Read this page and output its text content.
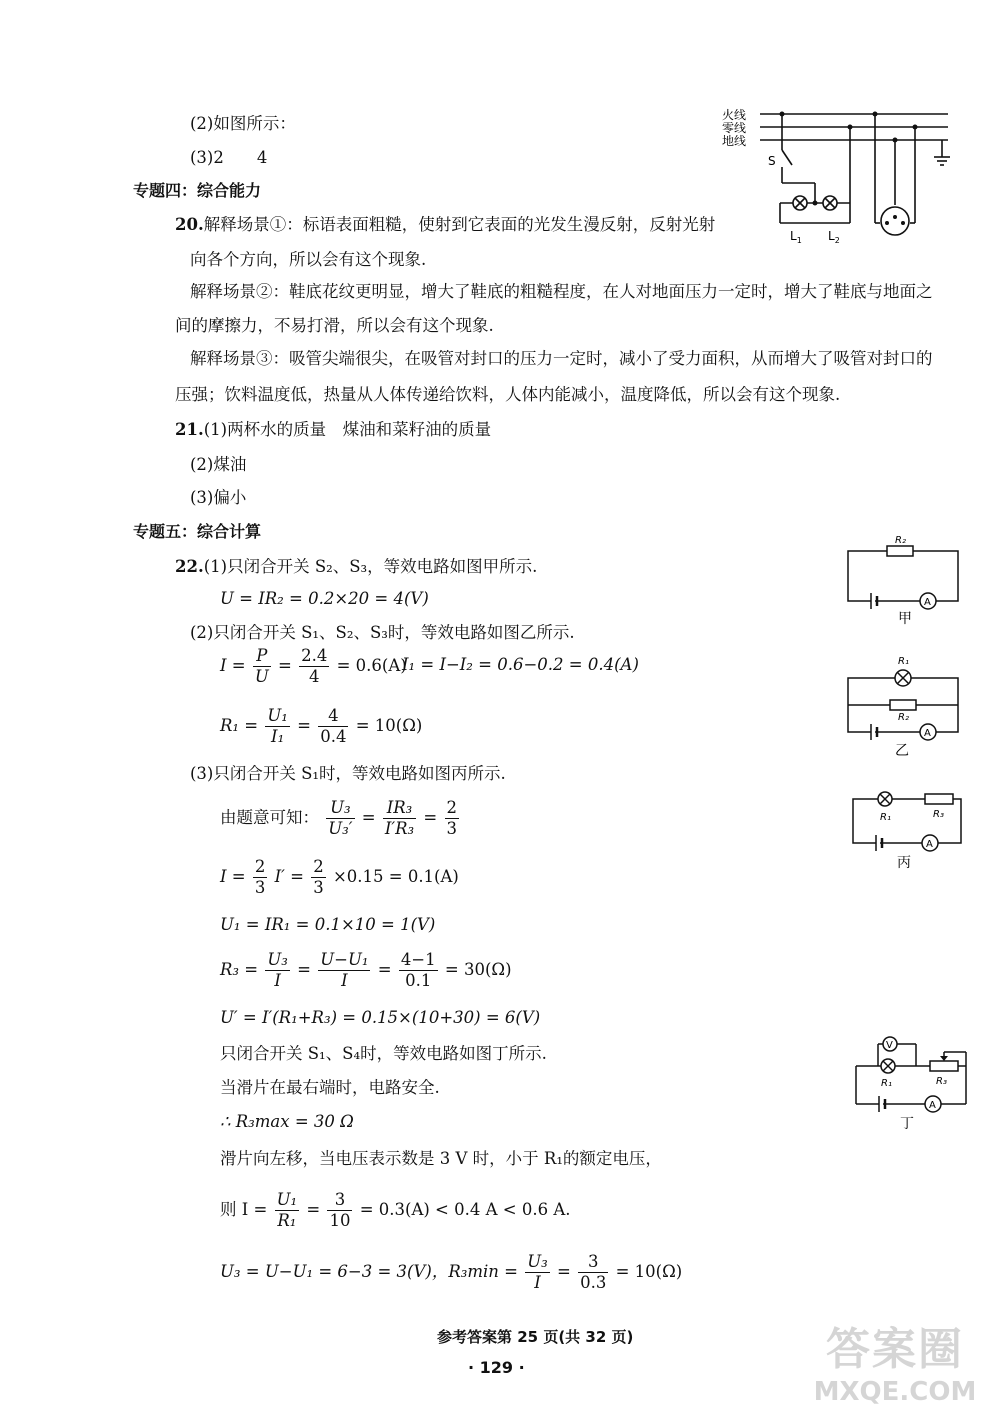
(2)如图所示：
(3)2　　4
火线
零线
地线
S
$L_1$ $L_2$
专题四：综合能力
20.解释场景①：标语表面粗糙，使射到它表面的光发生漫反射，反射光射
向各个方向，所以会有这个现象.
解释场景②：鞋底花纹更明显，增大了鞋底的粗糙程度，在人对地面压力一定时，增大了鞋底与地面之
间的摩擦力，不易打滑，所以会有这个现象.
解释场景③：吸管尖端很尖，在吸管对封口的压力一定时，减小了受力面积，从而增大了吸管对封口的
压强；饮料温度低，热量从人体传递给饮料，人体内能减小，温度降低，所以会有这个现象.
21.(1)两杯水的质量　煤油和菜籽油的质量
(2)煤油
(3)偏小
专题五：综合计算
22.(1)只闭合开关 S₂、S₃，等效电路如图甲所示.
U = IR₂ = 0.2×20 = 4(V)
(2)只闭合开关 S₁、S₂、S₃时，等效电路如图乙所示.
$I = \frac{P}{U} = \frac{2.4}{4} = 0.6(A)$
I₁ = I−I₂ = 0.6−0.2 = 0.4(A)
$R_1 = \frac{\text{U₁}}{\text{I₁}} = \frac{4}{0.4} = 10(\Omega)$
(3)只闭合开关 S₁时，等效电路如图丙所示.
由题意可知： $\frac{\text{U₃}}{\text{U₃′}} = \frac{\text{IR₃}}{\text{I′R₃}} = \frac{2}{3}$
$I = \frac{2}{3} I' = \frac{2}{3} \times 0.15 = 0.1(A)$
U₁ = IR₁ = 0.1×10 = 1(V)
$R_3 = \frac{\text{U₃}}{I} = \frac{\text{U−U₁}}{I} = \frac{4-1}{0.1} = 30(\Omega)$
U′ = I′(R₁+R₃) = 0.15×(10+30) = 6(V)
只闭合开关 S₁、S₄时，等效电路如图丁所示.
当滑片在最右端时，电路安全.
∴ R₃max = 30 Ω
滑片向左移，当电压表示数是 3 V 时，小于 R₁的额定电压，
则 $I = \frac{\text{U₁}}{\text{R₁}} = \frac{3}{10} = 0.3(A) < 0.4$ A < 0.6 A.
U₃ = U−U₁ = 6−3 = 3(V)，$R_3\min = \frac{\text{U₃}}{I} = \frac{3}{0.3} = 10(\Omega)$
R₂
A
甲
R₁
R₂
A
乙
R₁	R₃
A
丙
V
R₁	R₃
A
丁
参考答案第 25 页(共 32 页)
· 129 ·	答案圈
MXQE.COM
